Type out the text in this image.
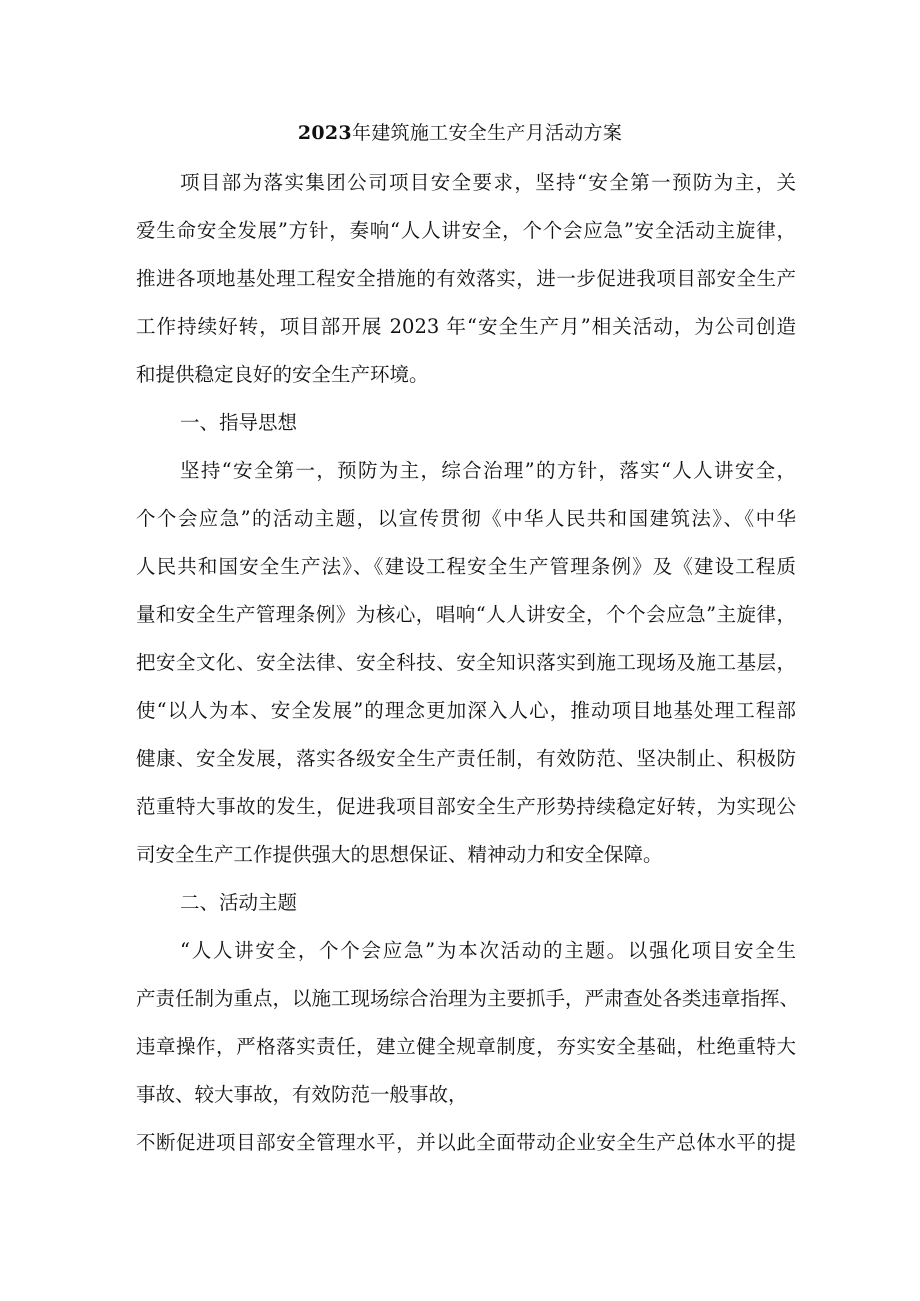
2023年建筑施工安全生产月活动方案
项目部为落实集团公司项目安全要求，坚持“安全第一预防为主，关
爱生命安全发展”方针，奏响“人人讲安全，个个会应急”安全活动主旋律，
推进各项地基处理工程安全措施的有效落实，进一步促进我项目部安全生产
工作持续好转，项目部开展 2023 年“安全生产月”相关活动，为公司创造
和提供稳定良好的安全生产环境。
一、指导思想
坚持“安全第一，预防为主，综合治理”的方针，落实“人人讲安全，
个个会应急”的活动主题，以宣传贯彻《中华人民共和国建筑法》、《中华
人民共和国安全生产法》、《建设工程安全生产管理条例》及《建设工程质
量和安全生产管理条例》为核心，唱响“人人讲安全，个个会应急”主旋律，
把安全文化、安全法律、安全科技、安全知识落实到施工现场及施工基层，
使“以人为本、安全发展”的理念更加深入人心，推动项目地基处理工程部
健康、安全发展，落实各级安全生产责任制，有效防范、坚决制止、积极防
范重特大事故的发生，促进我项目部安全生产形势持续稳定好转，为实现公
司安全生产工作提供强大的思想保证、精神动力和安全保障。
二、活动主题
“人人讲安全，个个会应急”为本次活动的主题。以强化项目安全生
产责任制为重点，以施工现场综合治理为主要抓手，严肃查处各类违章指挥、
违章操作，严格落实责任，建立健全规章制度，夯实安全基础，杜绝重特大
事故、较大事故，有效防范一般事故，
不断促进项目部安全管理水平，并以此全面带动企业安全生产总体水平的提
